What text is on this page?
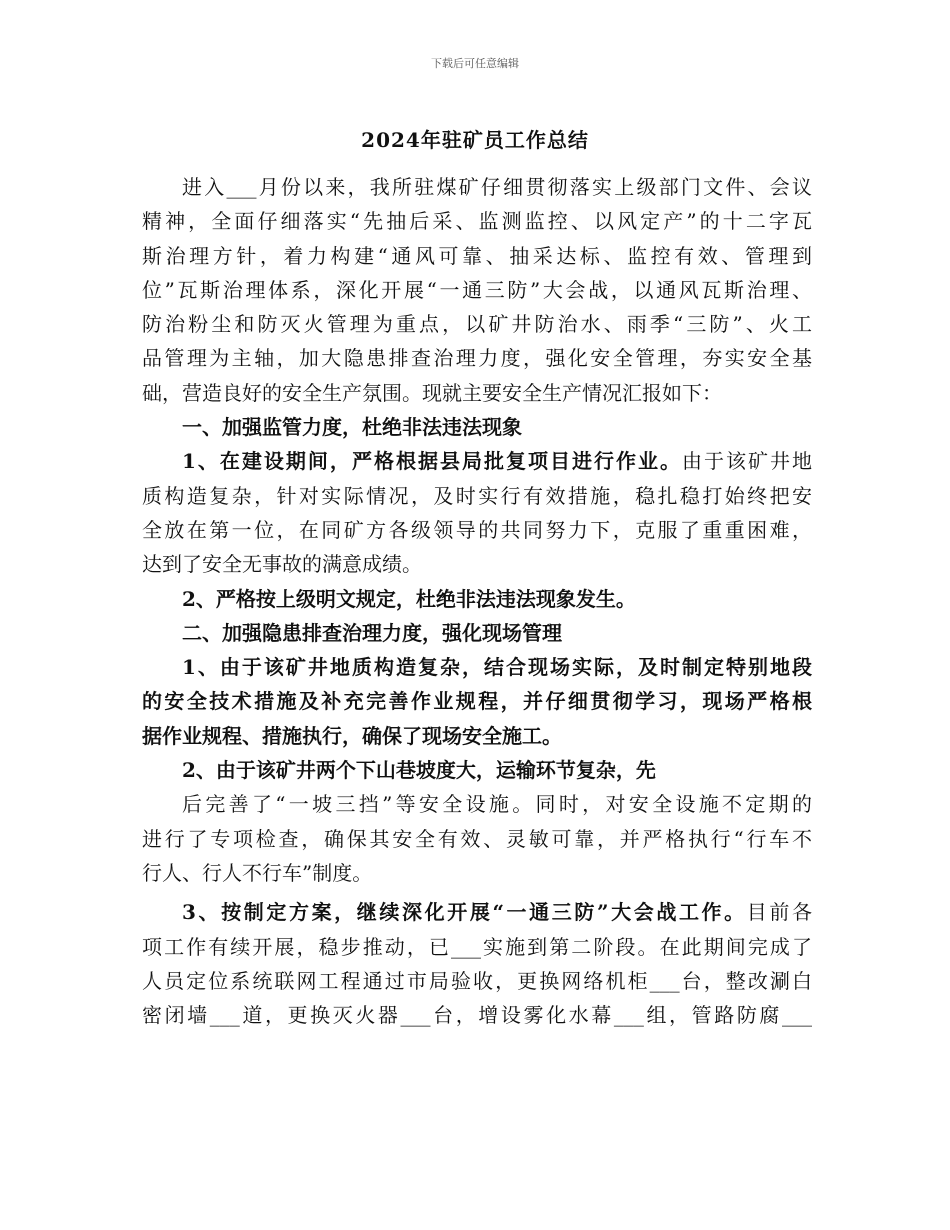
下载后可任意编辑
2024年驻矿员工作总结
进入___月份以来，我所驻煤矿仔细贯彻落实上级部门文件、会议
精神，全面仔细落实“先抽后采、监测监控、以风定产”的十二字瓦
斯治理方针，着力构建“通风可靠、抽采达标、监控有效、管理到
位”瓦斯治理体系，深化开展“一通三防”大会战，以通风瓦斯治理、
防治粉尘和防灭火管理为重点，以矿井防治水、雨季“三防”、火工
品管理为主轴，加大隐患排查治理力度，强化安全管理，夯实安全基
础，营造良好的安全生产氛围。现就主要安全生产情况汇报如下：
一、加强监管力度，杜绝非法违法现象
1、在建设期间，严格根据县局批复项目进行作业。由于该矿井地
质构造复杂，针对实际情况，及时实行有效措施，稳扎稳打始终把安
全放在第一位，在同矿方各级领导的共同努力下，克服了重重困难，
达到了安全无事故的满意成绩。
2、严格按上级明文规定，杜绝非法违法现象发生。
二、加强隐患排查治理力度，强化现场管理
1、由于该矿井地质构造复杂，结合现场实际，及时制定特别地段
的安全技术措施及补充完善作业规程，并仔细贯彻学习，现场严格根
据作业规程、措施执行，确保了现场安全施工。
2、由于该矿井两个下山巷坡度大，运输环节复杂，先
后完善了“一坡三挡”等安全设施。同时，对安全设施不定期的
进行了专项检查，确保其安全有效、灵敏可靠，并严格执行“行车不
行人、行人不行车”制度。
3、按制定方案，继续深化开展“一通三防”大会战工作。目前各
项工作有续开展，稳步推动，已___实施到第二阶段。在此期间完成了
人员定位系统联网工程通过市局验收，更换网络机柜___台，整改涮白
密闭墙___道，更换灭火器___台，增设雾化水幕___组，管路防腐___
